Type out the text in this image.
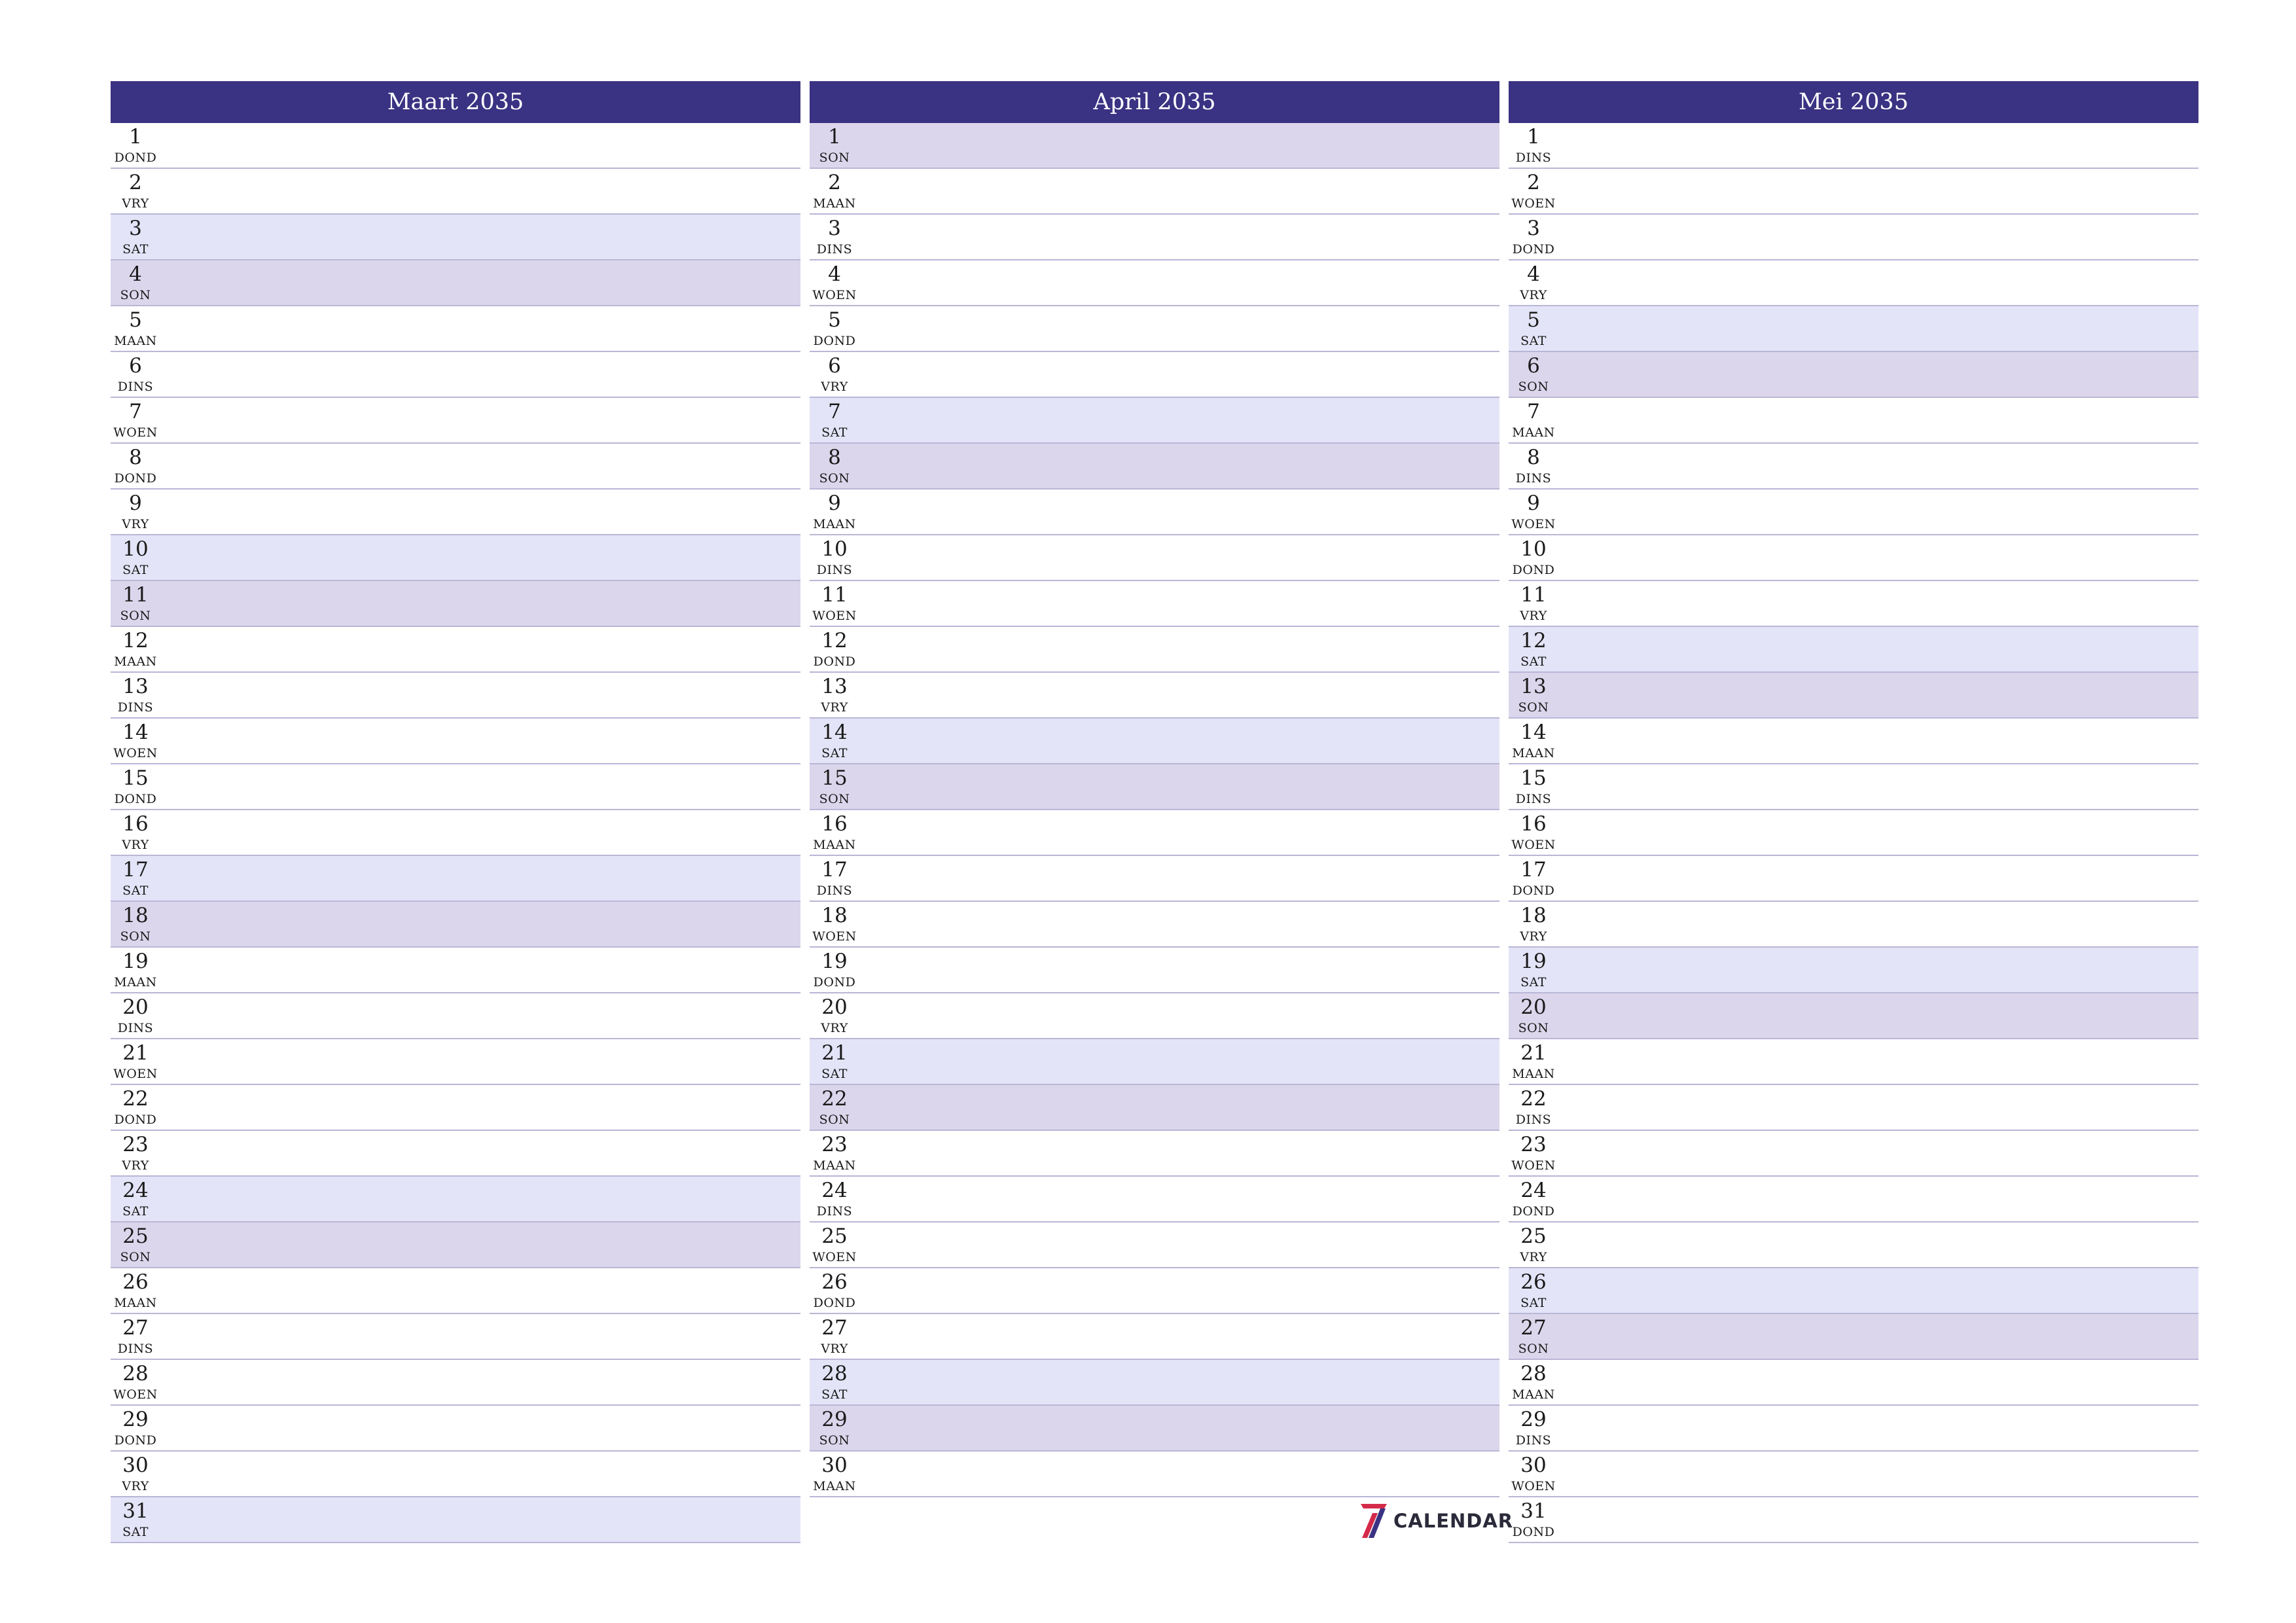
Maart 2035
1
DOND
2
VRY
3
SAT
4
SON
5
MAAN
6
DINS
7
WOEN
8
DOND
9
VRY
10
SAT
11
SON
12
MAAN
13
DINS
14
WOEN
15
DOND
16
VRY
17
SAT
18
SON
19
MAAN
20
DINS
21
WOEN
22
DOND
23
VRY
24
SAT
25
SON
26
MAAN
27
DINS
28
WOEN
29
DOND
30
VRY
31
SAT
April 2035
1
SON
2
MAAN
3
DINS
4
WOEN
5
DOND
6
VRY
7
SAT
8
SON
9
MAAN
10
DINS
11
WOEN
12
DOND
13
VRY
14
SAT
15
SON
16
MAAN
17
DINS
18
WOEN
19
DOND
20
VRY
21
SAT
22
SON
23
MAAN
24
DINS
25
WOEN
26
DOND
27
VRY
28
SAT
29
SON
30
MAAN
Mei 2035
1
DINS
2
WOEN
3
DOND
4
VRY
5
SAT
6
SON
7
MAAN
8
DINS
9
WOEN
10
DOND
11
VRY
12
SAT
13
SON
14
MAAN
15
DINS
16
WOEN
17
DOND
18
VRY
19
SAT
20
SON
21
MAAN
22
DINS
23
WOEN
24
DOND
25
VRY
26
SAT
27
SON
28
MAAN
29
DINS
30
WOEN
31
DOND
CALENDAR
